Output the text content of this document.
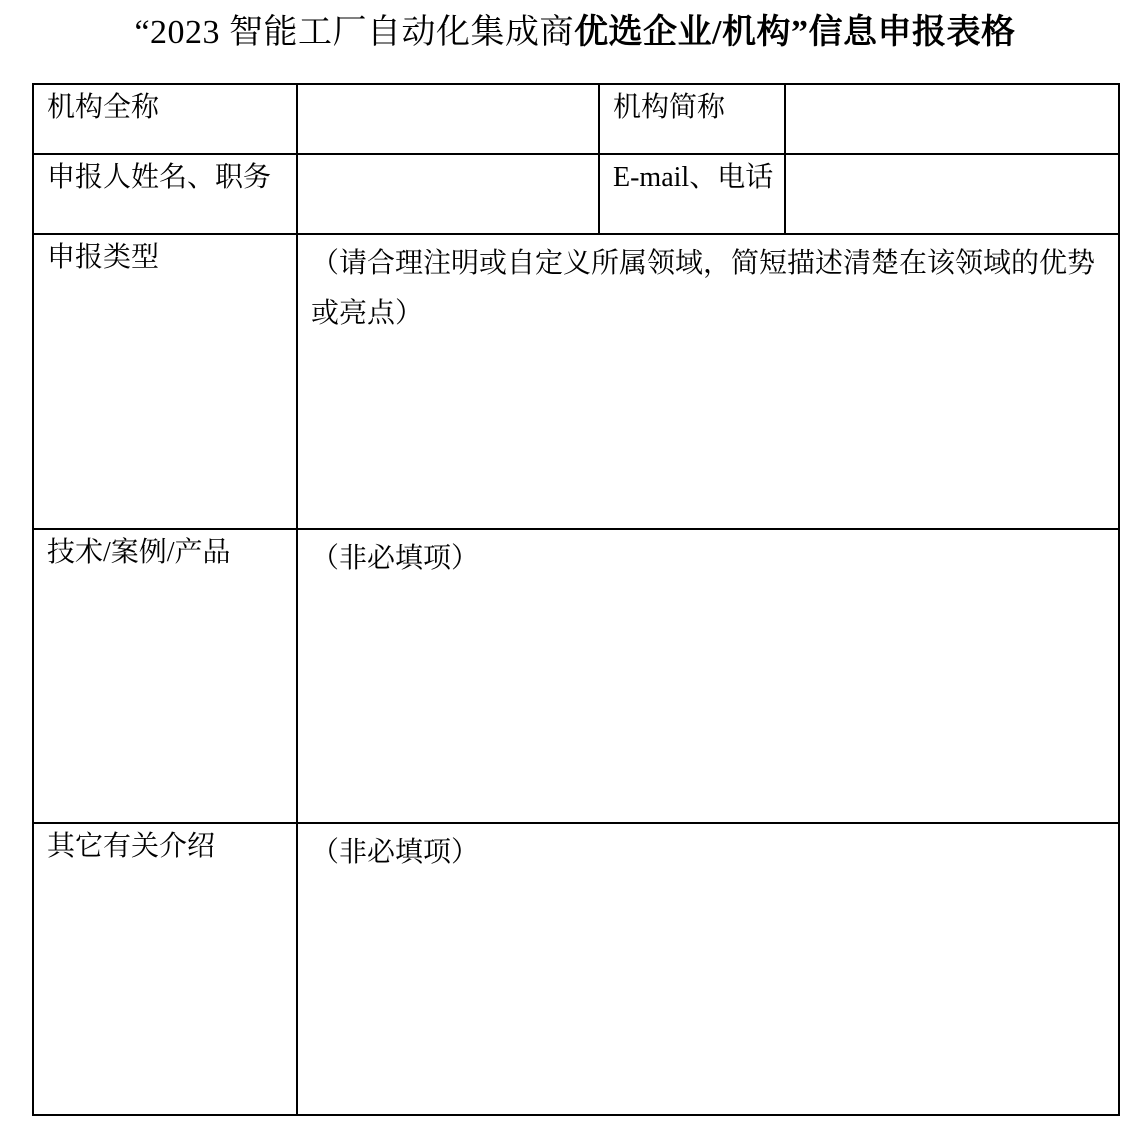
“2023 智能工厂自动化集成商优选企业/机构”信息申报表格
机构全称		机构简称	
申报人姓名、职务		E-mail、电话	
申报类型	（请合理注明或自定义所属领域，简短描述清楚在该领域的优势
或亮点）		
技术/案例/产品	（非必填项）		
其它有关介绍	（非必填项）		
